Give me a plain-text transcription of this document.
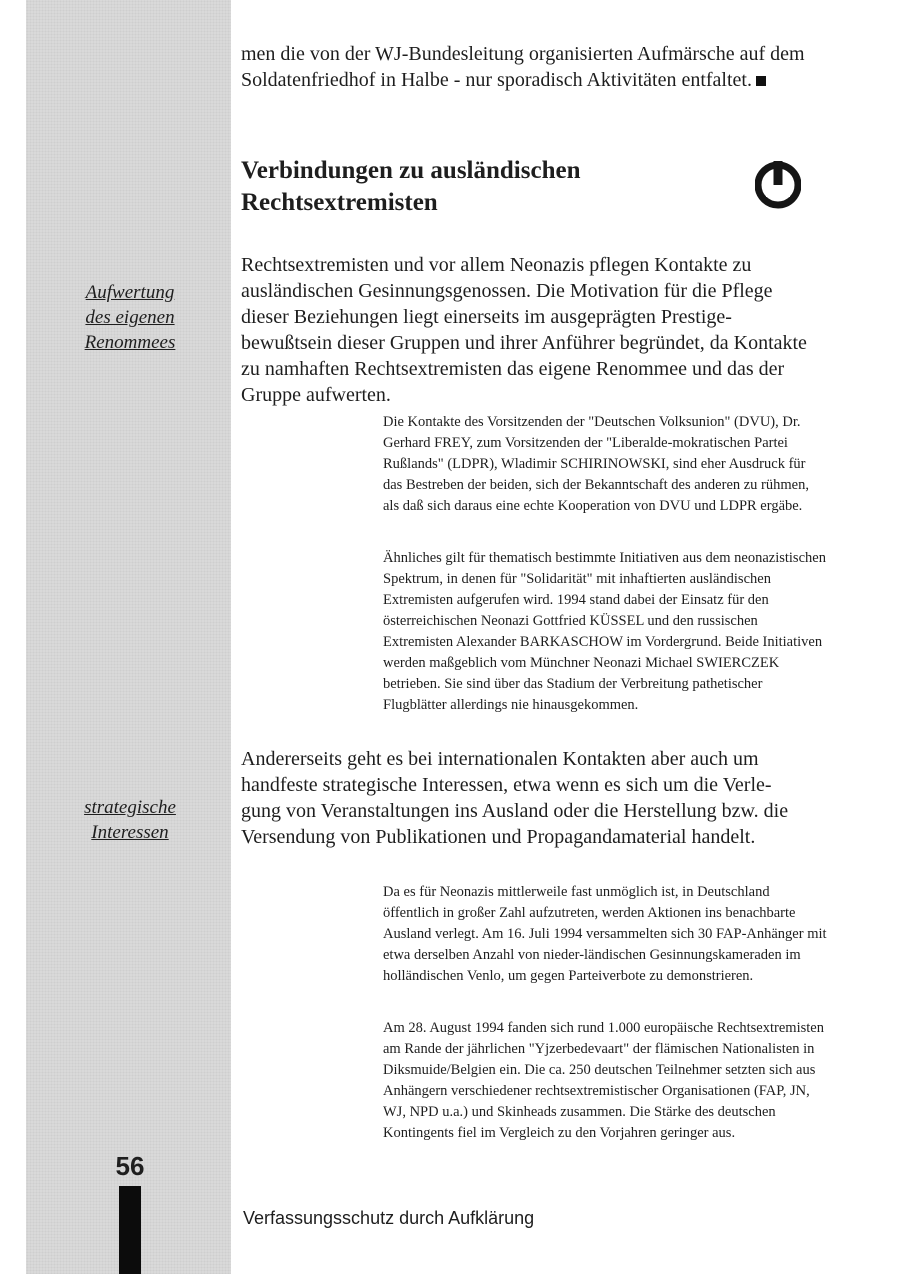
Aufwertung
des eigenen
Renommees
strategische
Interessen
56

men die von der WJ-Bundesleitung organisierten Aufmärsche auf dem Soldatenfriedhof in Halbe - nur sporadisch Aktivitäten entfaltet.

Verbindungen zu ausländischen
Rechtsextremisten

Rechtsextremisten und vor allem Neonazis pflegen Kontakte zu ausländischen Gesinnungsgenossen. Die Motivation für die Pflege dieser Beziehungen liegt einerseits im ausgeprägten Prestige-bewußtsein dieser Gruppen und ihrer Anführer begründet, da Kontakte zu namhaften Rechtsextremisten das eigene Renommee und das der Gruppe aufwerten.

Die Kontakte des Vorsitzenden der "Deutschen Volksunion" (DVU), Dr. Gerhard FREY, zum Vorsitzenden der "Liberalde-mokratischen Partei Rußlands" (LDPR), Wladimir SCHIRINOWSKI, sind eher Ausdruck für das Bestreben der beiden, sich der Bekanntschaft des anderen zu rühmen, als daß sich daraus eine echte Kooperation von DVU und LDPR ergäbe.

Ähnliches gilt für thematisch bestimmte Initiativen aus dem neonazistischen Spektrum, in denen für "Solidarität" mit inhaftierten ausländischen Extremisten aufgerufen wird. 1994 stand dabei der Einsatz für den österreichischen Neonazi Gottfried KÜSSEL und den russischen Extremisten Alexander BARKASCHOW im Vordergrund. Beide Initiativen werden maßgeblich vom Münchner Neonazi Michael SWIERCZEK betrieben. Sie sind über das Stadium der Verbreitung pathetischer Flugblätter allerdings nie hinausgekommen.

Andererseits geht es bei internationalen Kontakten aber auch um handfeste strategische Interessen, etwa wenn es sich um die Verle-gung von Veranstaltungen ins Ausland oder die Herstellung bzw. die Versendung von Publikationen und Propagandamaterial handelt.

Da es für Neonazis mittlerweile fast unmöglich ist, in Deutschland öffentlich in großer Zahl aufzutreten, werden Aktionen ins benachbarte Ausland verlegt. Am 16. Juli 1994 versammelten sich 30 FAP-Anhänger mit etwa derselben Anzahl von nieder-ländischen Gesinnungskameraden im holländischen Venlo, um gegen Parteiverbote zu demonstrieren.

Am 28. August 1994 fanden sich rund 1.000 europäische Rechtsextremisten am Rande der jährlichen "Yjzerbedevaart" der flämischen Nationalisten in Diksmuide/Belgien ein. Die ca. 250 deutschen Teilnehmer setzten sich aus Anhängern verschiedener rechtsextremistischer Organisationen (FAP, JN, WJ, NPD u.a.) und Skinheads zusammen. Die Stärke des deutschen Kontingents fiel im Vergleich zu den Vorjahren geringer aus.

Verfassungsschutz durch Aufklärung
